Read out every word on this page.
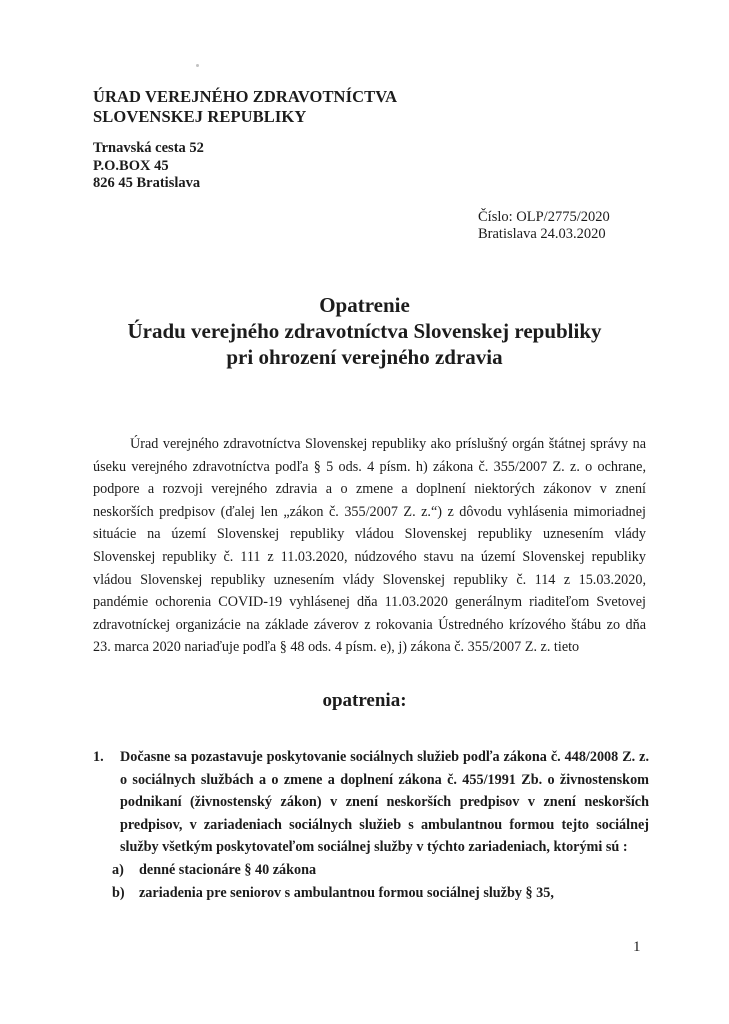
ÚRAD VEREJNÉHO ZDRAVOTNÍCTVA
SLOVENSKEJ REPUBLIKY
Trnavská cesta 52
P.O.BOX 45
826 45 Bratislava
Číslo: OLP/2775/2020
Bratislava 24.03.2020
Opatrenie
Úradu verejného zdravotníctva Slovenskej republiky
pri ohrození verejného zdravia

Úrad verejného zdravotníctva Slovenskej republiky ako príslušný orgán štátnej správy na úseku verejného zdravotníctva podľa § 5 ods. 4 písm. h) zákona č. 355/2007 Z. z. o ochrane, podpore a rozvoji verejného zdravia a o zmene a doplnení niektorých zákonov v znení neskorších predpisov (ďalej len „zákon č. 355/2007 Z. z.“) z dôvodu vyhlásenia mimoriadnej situácie na území Slovenskej republiky vládou Slovenskej republiky uznesením vlády Slovenskej republiky č. 111 z 11.03.2020, núdzového stavu na území Slovenskej republiky vládou Slovenskej republiky uznesením vlády Slovenskej republiky č. 114 z 15.03.2020, pandémie ochorenia COVID-19 vyhlásenej dňa 11.03.2020 generálnym riaditeľom Svetovej zdravotníckej organizácie na základe záverov z rokovania Ústredného krízového štábu zo dňa 23. marca 2020 nariaďuje podľa § 48 ods. 4 písm. e), j) zákona č. 355/2007 Z. z. tieto

opatrenia:
1. Dočasne sa pozastavuje poskytovanie sociálnych služieb podľa zákona č. 448/2008 Z. z. o sociálnych službách a o zmene a doplnení zákona č. 455/1991 Zb. o živnostenskom podnikaní (živnostenský zákon) v znení neskorších predpisov v znení neskorších predpisov, v zariadeniach sociálnych služieb s ambulantnou formou tejto sociálnej služby všetkým poskytovateľom sociálnej služby v týchto zariadeniach, ktorými sú :
a) denné stacionáre § 40 zákona
b) zariadenia pre seniorov s ambulantnou formou sociálnej služby § 35,
1
